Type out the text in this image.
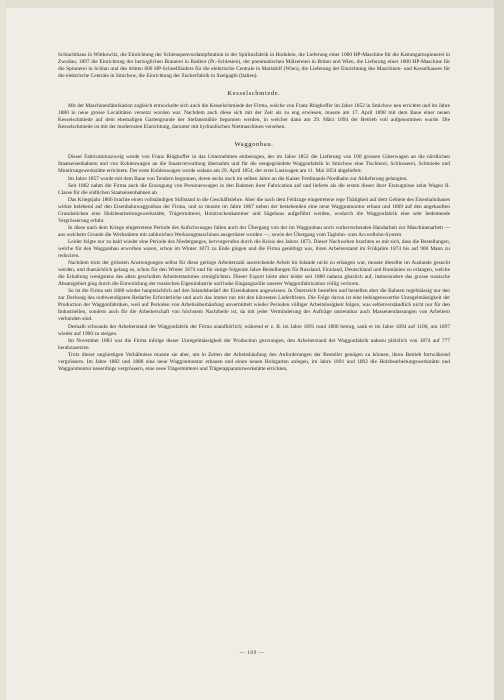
Schlachthaus in Wittkowitz, die Einrichtung der Schleuspenvordampfstation in der Spiritusfabrik in Hodolein, die Lieferung einer 1000 HP-Maschine für die Kammgarnspinnerei in Zwodau; 1897 die Einrichtung der herzoglichen Brauerei in Ratibor (Pr.-Schlesien), der pneumatischen Mälzereien in Brünn und Wien, die Lieferung einer 1000 HP-Maschine für die Spinnerei in Schlan und des dritten 600 HP-Schnellläufers für die elektrische Centrale in Mariahilf (Wien), die Lieferung der Einrichtung des Maschinen- und Kesselhauses für die elektrische Centrale in Smichow, die Einrichtung der Zuckerfabrik in Szeigaghi (Italien).

Kesselschmiede.

Mit der Maschinenfabrikation zugleich entwickelte sich auch die Kesselschmiede der Firma, welche von Franz Ringhoffer im Jahre 1852 in Smichow neu errichtet und im Jahre 1880 in neue grosse Localitäten versetzt worden war. Nachdem auch diese sich mit der Zeit als zu eng erwiesen, musste am 17. April 1898 mit dem Baue einer neuen Kesselschmiede auf dem ehemaligen Gartengrunde der Stefansmühle begonnen werden, in welcher dann am 29. März 1894 der Betrieb voll aufgenommen wurde. Die Kesselschmiede ist mit der modernsten Einrichtung, darunter mit hydraulischen Nietmaschinen versehen.

Waggonbau.

Dieser Fabricationszweig wurde von Franz Ringhoffer in das Unternehmen einbezogen, der im Jahre 1852 die Lieferung von 100 grossen Güterwagen an die nördlichen Staatseisenbahnen und von Kohlenwagen an die Staatsverwaltung übernahm und für die neugegründete Waggonfabrik in Smichow eine Tischlerei, Schlosserei, Schmiede und Montirungswerkstätte errichtete. Der erste Kohlenwagen wurde sodann am 20. April 1854, der erste Lastwagen am 11. Mai 1854 abgeliefert.

Im Jahre 1857 wurde mit dem Baue von Tendern begonnen, deren sechs noch im selben Jahre an die Kaiser Ferdinands-Nordbahn zur Ablieferung gelangten.

Seit 1862 nahm die Firma auch die Erzeugung von Personenwagen in den Rahmen ihrer Fabrication auf und lieferte als die ersten dieser ihrer Erzeugnisse zehn Wagen II. Classe für die südlichen Staatseisenbahnen ab.

Das Kriegsjahr 1866 brachte einen vollständigen Stillstand in die Geschäftslehre. Aber die nach dem Feldzuge eingetretene rege Thätigkeit auf dem Gebiete des Eisenbahnbaues wirkte belebend auf den Eisenbahnwaggonbau der Firma, und so musste im Jahre 1867 neben der bestehenden eine neue Waggonmontur erbaut und 1869 auf den angekauften Grundstücken eine Holzbearbeitungswerkstätte, Trägermitterei, Holztrockenkammer und Sägehaus aufgeführt werden, wodurch die Waggonfabrik eine sehr bedeutende Vergrösserung erfuhr.

In diese nach dem Kriege eingetretene Periode des Aufschwunges fallen auch der Übergang von der im Waggonbau noch vorherrschenden Handarbeit zur Maschinenarbeit — aus welchem Grunde die Werkstätten mit zahlreichen Werkzeugmaschinen ausgerüstet wurden —, sowie der Übergang vom Taglohn- zum Accordlohn-System.

Leider folgte nur zu bald wieder eine Periode des Niederganges, hervorgerufen durch die Krisis des Jahres 1873. Dieser Nachwehen brachten es mit sich, dass die Bestellungen, welche für den Waggonbau erworben waren, schon im Winter 1873 zu Ende gingen und die Firma genöthigt war, ihren Arbeiterstand im Frühjahre 1874 bis auf 900 Mann zu reduciren.

Nachdem trotz der grössten Anstrengungen selbst für diese geringe Arbeiterzahl ausreichende Arbeit im Inlande nicht zu erlangen war, musste dieselbe im Auslande gesucht werden, und thatsächlich gelang es, schon für den Winter 1874 und für einige folgende Jahre Bestellungen für Russland, Finnland, Deutschland und Rumänien zu erlangen, welche die Erhaltung wenigstens des alten geschulten Arbeiterstammes ermöglichten. Dieser Export hörte aber leider seit 1880 nahezu gänzlich auf, insbesondere das grosse russische Absatzgebiet ging durch die Entwicklung der russischen Eigenindustrie und hohe Eingangszölle unserer Waggonfabrication völlig verloren.

So ist die Firma seit 1880 wieder hauptsächlich auf den Inlandsbedarf der Eisenbahnen angewiesen. In Österreich bestellen und bestellen aber die Bahnen regelmässig nur den zur Deckung des nothwendigsten Bedarfes Erforderliche und auch das immer nur mit den kürzesten Lieferfristen. Die Folge davon ist eine beklagenswerthe Unregelmässigkeit der Production der Waggonfabriken, weil auf Perioden von Arbeitsüberhäufung unvermittelt wieder Perioden völliger Arbeitslosigkeit folgen, was selbstverständlich nicht nur für den Industriellen, sondern auch für die Arbeiterschaft von höchstem Nachtheile ist, da mit jeder Verminderung der Aufträge untrennbar auch Massenentlassungen von Arbeitern verbunden sind.

Deshalb schwankt der Arbeiterstand der Waggonfabrik der Firma unaufhörlich; während er z. B. im Jahre 1891 rund 1800 betrug, sank er im Jahre 1894 auf 1100, um 1897 wieder auf 1900 zu steigen.

Im November 1883 war die Firma infolge dieser Unregelmässigkeit der Production gezwungen, den Arbeiterstand der Waggonfabrik nahezu plötzlich von 1874 auf 777 herabzusetzen.

Trotz dieser ungünstigen Verhältnisse musste sie aber, um in Zeiten der Arbeitshäufung den Anforderungen der Besteller genügen zu können, ihren Betrieb fortwährend vergrössern. Im Jahre 1882 und 1888 eine neue Waggonmontur erbauen und einen neuen Holzgarten anlegen, im Jahre 1891 und 1892 die Holzbearbeitungswerkstätte und Waggonmontur neuerdings vergrössern, eine neue Trägermitterei und Trägerapparaturwerkstätte errichten,

— 109 —
